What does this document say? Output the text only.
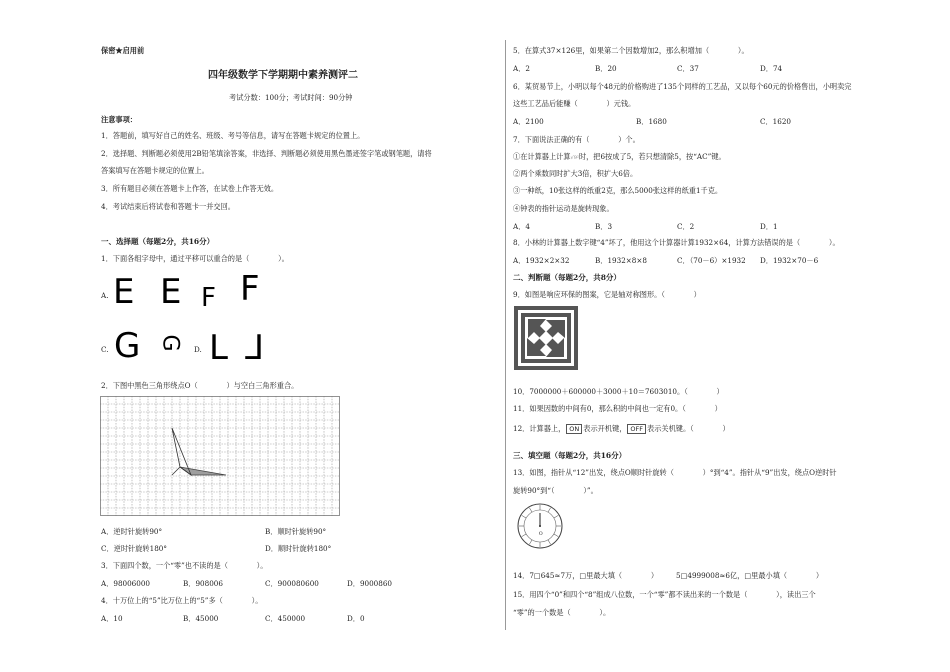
保密★启用前
四年级数学下学期期中素养测评二
考试分数：100分；考试时间：90分钟
注意事项：
1．答题前，填写好自己的姓名、班级、考号等信息，请写在答题卡规定的位置上。
2．选择题、判断题必须使用2B铅笔填涂答案，非选择、判断题必须使用黑色墨迹签字笔或钢笔题，请将
答案填写在答题卡规定的位置上。
3．所有题目必须在答题卡上作答，在试卷上作答无效。
4．考试结束后将试卷和答题卡一并交回。
一、选择题（每题2分，共16分）
1．下面各组字母中，通过平移可以重合的是（　　　　）。
A. E E F F
C. G G D. L L
2．下图中黑色三角形绕点O（　　　　）与空白三角形重合。
A．逆时针旋转90°	B．顺时针旋转90°
C．逆时针旋转180°	D．顺时针旋转180°
3．下面四个数，一个“零”也不读的是（　　　　）。
A．98006000	B．908006	C．900080600	D．9000860
4．十万位上的“5”比万位上的“5”多（　　　　）。
A．10	B．45000	C．450000	D．0
5．在算式37×126里，如果第二个因数增加2，那么积增加（　　　　）。
A．2	B．20	C．37	D．74
6．某贸易节上，小明以每个48元的价格购进了135个同样的工艺品，又以每个60元的价格售出，小明卖完
这些工艺品后能赚（　　　　）元钱。
A．2100	B．1680	C．1620
7．下面说法正确的有（　　　　）个。
①在计算器上计算√9²时，把6按成了5，若只想清除5，按“AC”键。
②两个乘数同时扩大3倍，积扩大6倍。
③一种纸，10张这样的纸重2克，那么5000张这样的纸重1千克。
④钟表的指针运动是旋转现象。
A．4	B．3	C．2	D．1
8．小林的计算器上数字键“4”坏了，他用这个计算器计算1932×64，计算方法错误的是（　　　　）。
A．1932×2×32	B．1932×8×8	C．（70－6）×1932 D．1932×70－6
二、判断题（每题2分，共8分）
9．如图是响应环保的图案，它是轴对称图形。（　　　　）
10．7000000＋600000＋3000＋10＝7603010。（　　　　）
11．如果因数的中间有0，那么积的中间也一定有0。（　　　　）
12．计算器上， ON 表示开机键， OFF 表示关机键。（　　　　）
三、填空题（每题2分，共16分）
13．如图，指针从“12”出发，绕点O顺时针旋转（　　　　）°到“4”。指针从“9”出发，绕点O逆时针
旋转90°到“（　　　　）”。
O
14．7□645≈7万，□里最大填（　　　　）　　　5□4999008≈6亿，□里最小填（　　　　）
15．用四个“0”和四个“8”组成八位数，一个“零”都不读出来的一个数是（　　　　），读出三个
“零”的一个数是（　　　　）。
